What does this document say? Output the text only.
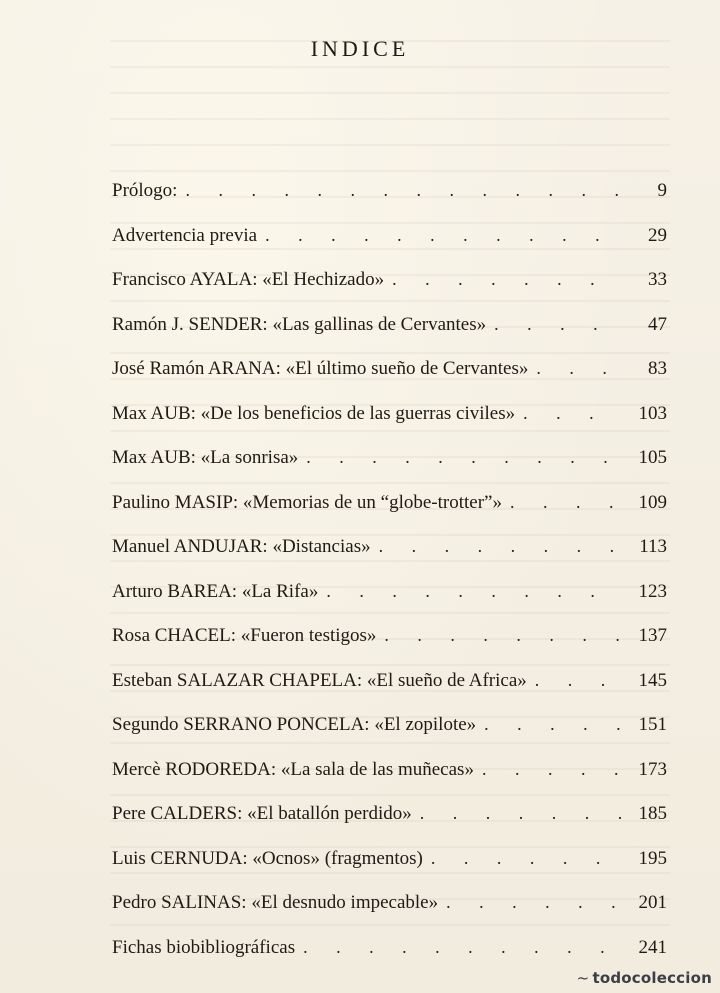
INDICE
Prólogo: . . .	9
Advertencia previa . . .	29
Francisco AYALA: «El Hechizado» . . .	33
Ramón J. SENDER: «Las gallinas de Cervantes» . . .	47
José Ramón ARANA: «El último sueño de Cervantes» . . .	83
Max AUB: «De los beneficios de las guerras civiles» . . .	103
Max AUB: «La sonrisa» . . .	105
Paulino MASIP: «Memorias de un “globe-trotter”» . . .	109
Manuel ANDUJAR: «Distancias» . . .	113
Arturo BAREA: «La Rifa» . . .	123
Rosa CHACEL: «Fueron testigos» . . .	137
Esteban SALAZAR CHAPELA: «El sueño de Africa» . . .	145
Segundo SERRANO PONCELA: «El zopilote» . . .	151
Mercè RODOREDA: «La sala de las muñecas» . . .	173
Pere CALDERS: «El batallón perdido» . . .	185
Luis CERNUDA: «Ocnos» (fragmentos) . . .	195
Pedro SALINAS: «El desnudo impecable» . . .	201
Fichas biobibliográficas . . .	241
~ todocoleccion
